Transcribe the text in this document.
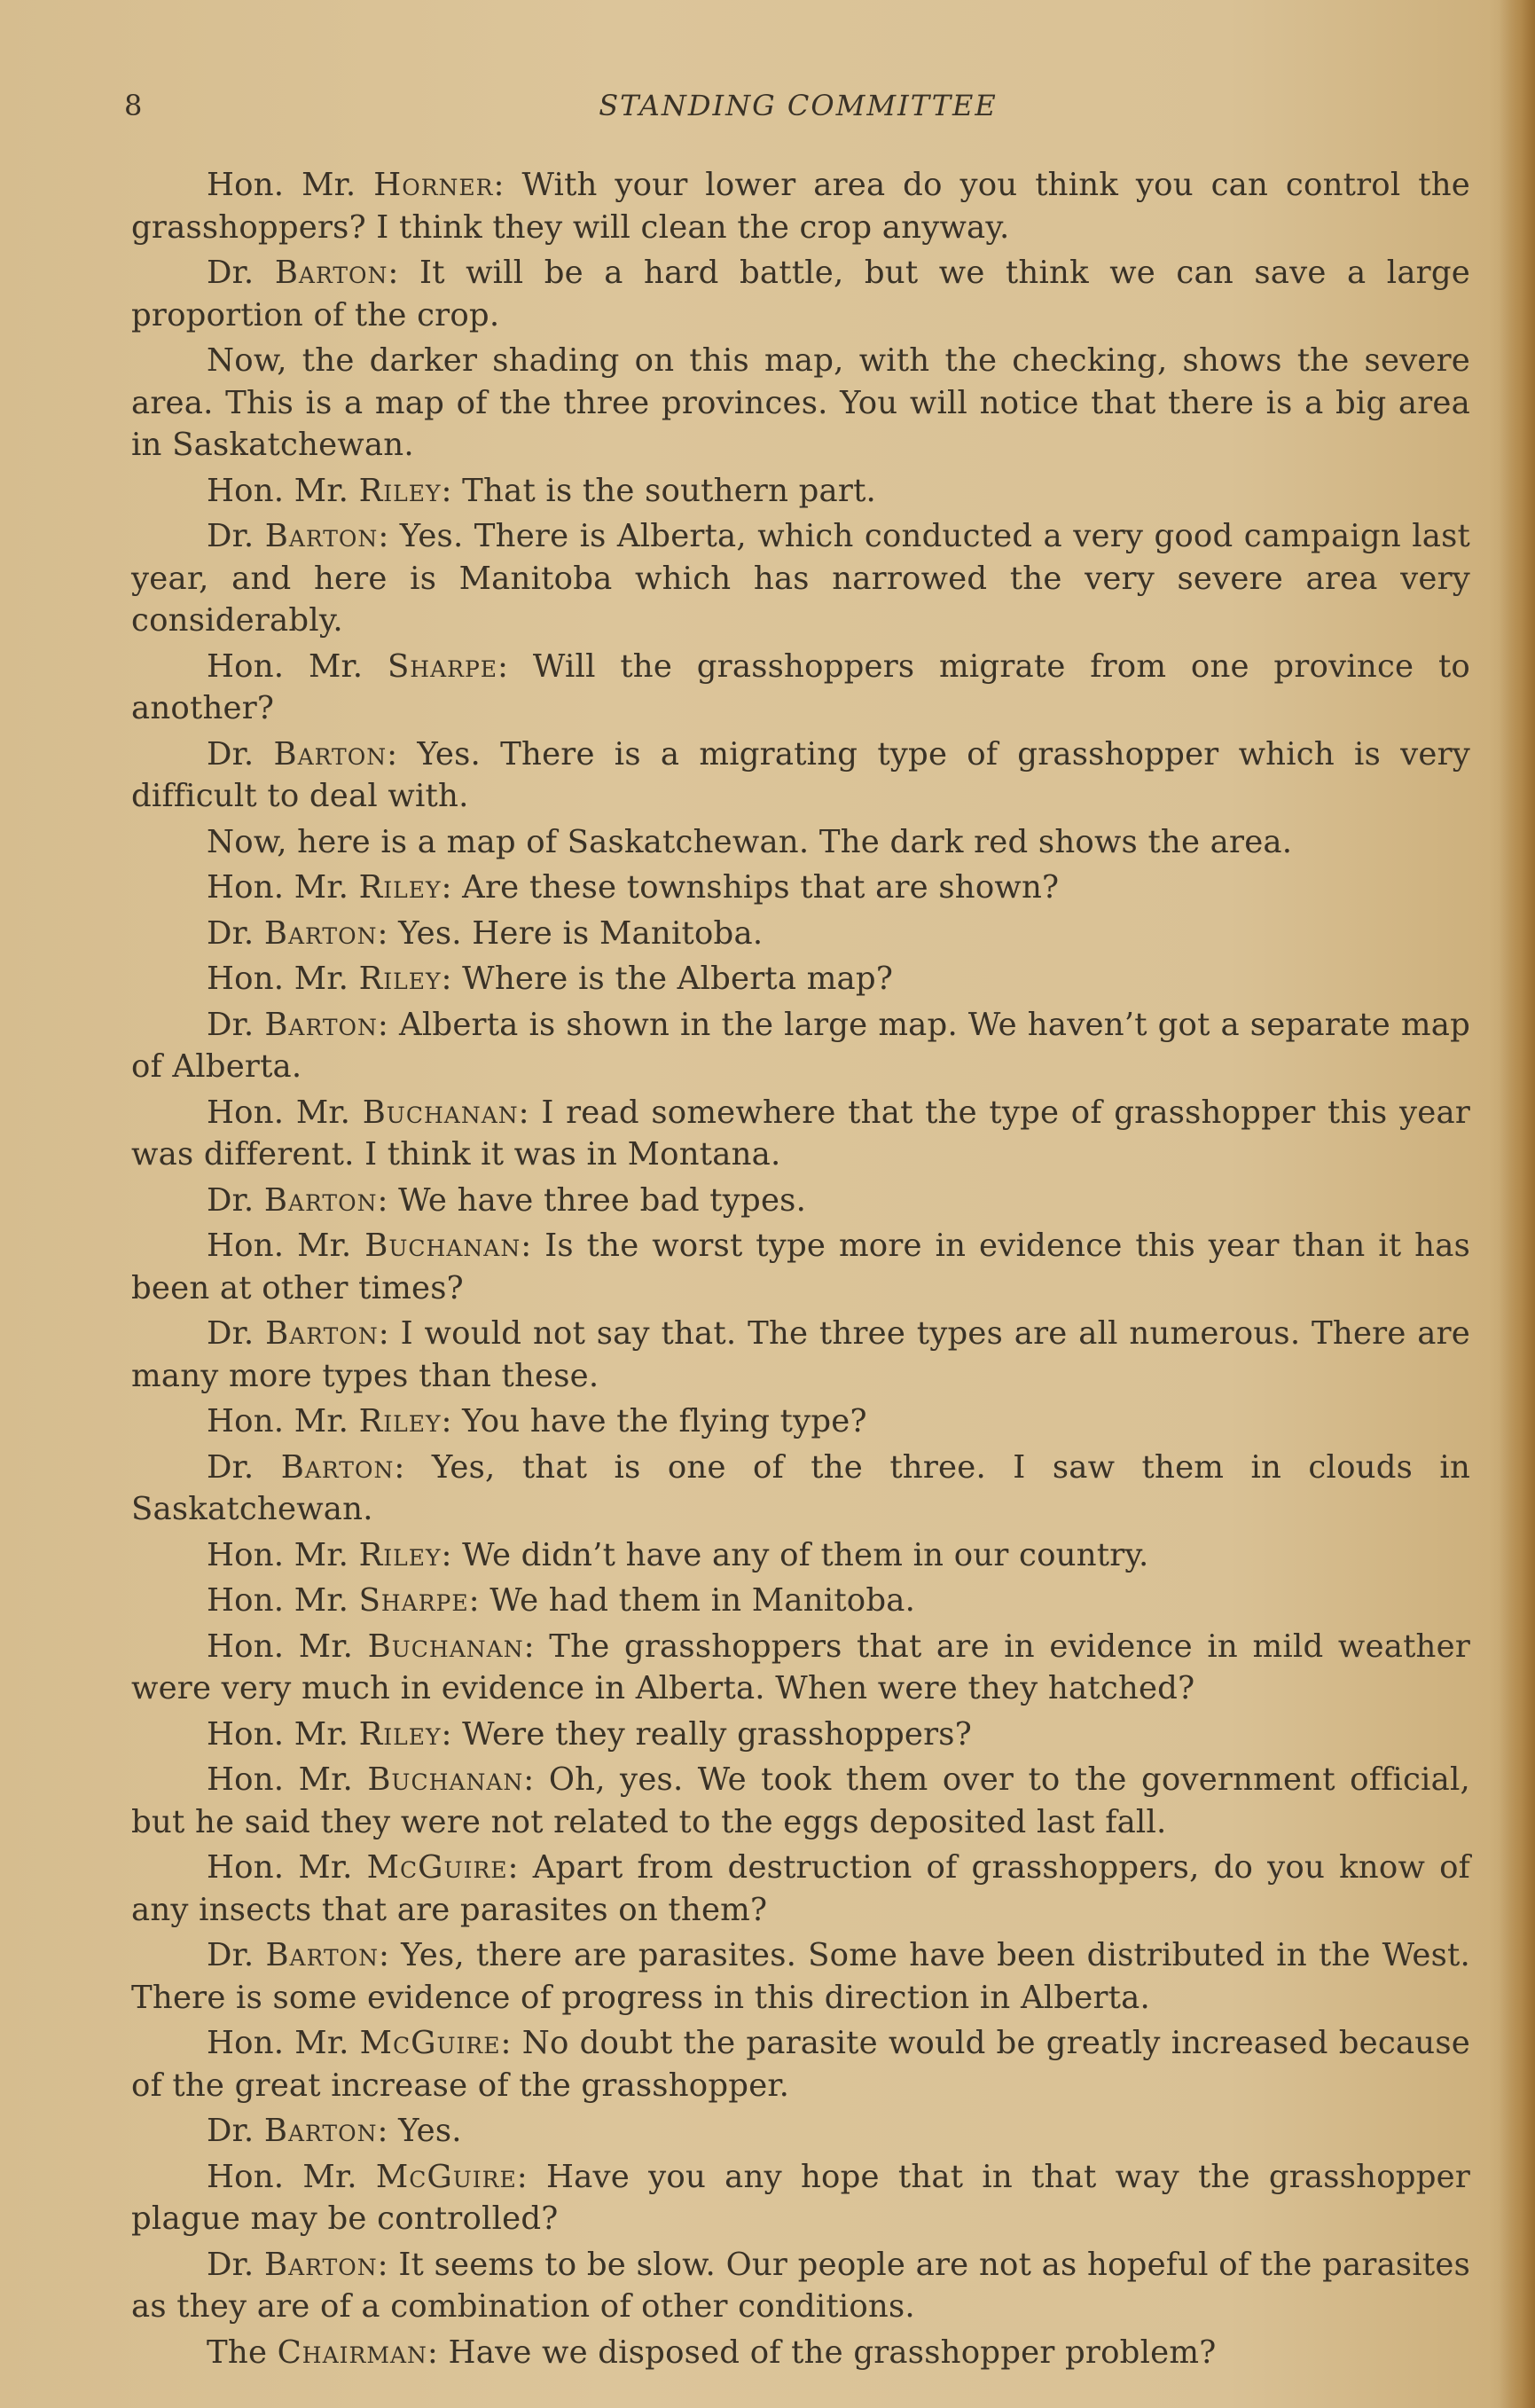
8	STANDING COMMITTEE

Hon. Mr. Horner: With your lower area do you think you can control the grasshoppers? I think they will clean the crop anyway.

Dr. Barton: It will be a hard battle, but we think we can save a large proportion of the crop.

Now, the darker shading on this map, with the checking, shows the severe area. This is a map of the three provinces. You will notice that there is a big area in Saskatchewan.

Hon. Mr. Riley: That is the southern part.

Dr. Barton: Yes. There is Alberta, which conducted a very good campaign last year, and here is Manitoba which has narrowed the very severe area very considerably.

Hon. Mr. Sharpe: Will the grasshoppers migrate from one province to another?

Dr. Barton: Yes. There is a migrating type of grasshopper which is very difficult to deal with.

Now, here is a map of Saskatchewan. The dark red shows the area.

Hon. Mr. Riley: Are these townships that are shown?

Dr. Barton: Yes. Here is Manitoba.

Hon. Mr. Riley: Where is the Alberta map?

Dr. Barton: Alberta is shown in the large map. We haven’t got a separate map of Alberta.

Hon. Mr. Buchanan: I read somewhere that the type of grasshopper this year was different. I think it was in Montana.

Dr. Barton: We have three bad types.

Hon. Mr. Buchanan: Is the worst type more in evidence this year than it has been at other times?

Dr. Barton: I would not say that. The three types are all numerous. There are many more types than these.

Hon. Mr. Riley: You have the flying type?

Dr. Barton: Yes, that is one of the three. I saw them in clouds in Saskatchewan.

Hon. Mr. Riley: We didn’t have any of them in our country.

Hon. Mr. Sharpe: We had them in Manitoba.

Hon. Mr. Buchanan: The grasshoppers that are in evidence in mild weather were very much in evidence in Alberta. When were they hatched?

Hon. Mr. Riley: Were they really grasshoppers?

Hon. Mr. Buchanan: Oh, yes. We took them over to the government official, but he said they were not related to the eggs deposited last fall.

Hon. Mr. McGuire: Apart from destruction of grasshoppers, do you know of any insects that are parasites on them?

Dr. Barton: Yes, there are parasites. Some have been distributed in the West. There is some evidence of progress in this direction in Alberta.

Hon. Mr. McGuire: No doubt the parasite would be greatly increased because of the great increase of the grasshopper.

Dr. Barton: Yes.

Hon. Mr. McGuire: Have you any hope that in that way the grasshopper plague may be controlled?

Dr. Barton: It seems to be slow. Our people are not as hopeful of the parasites as they are of a combination of other conditions.

The Chairman: Have we disposed of the grasshopper problem?
